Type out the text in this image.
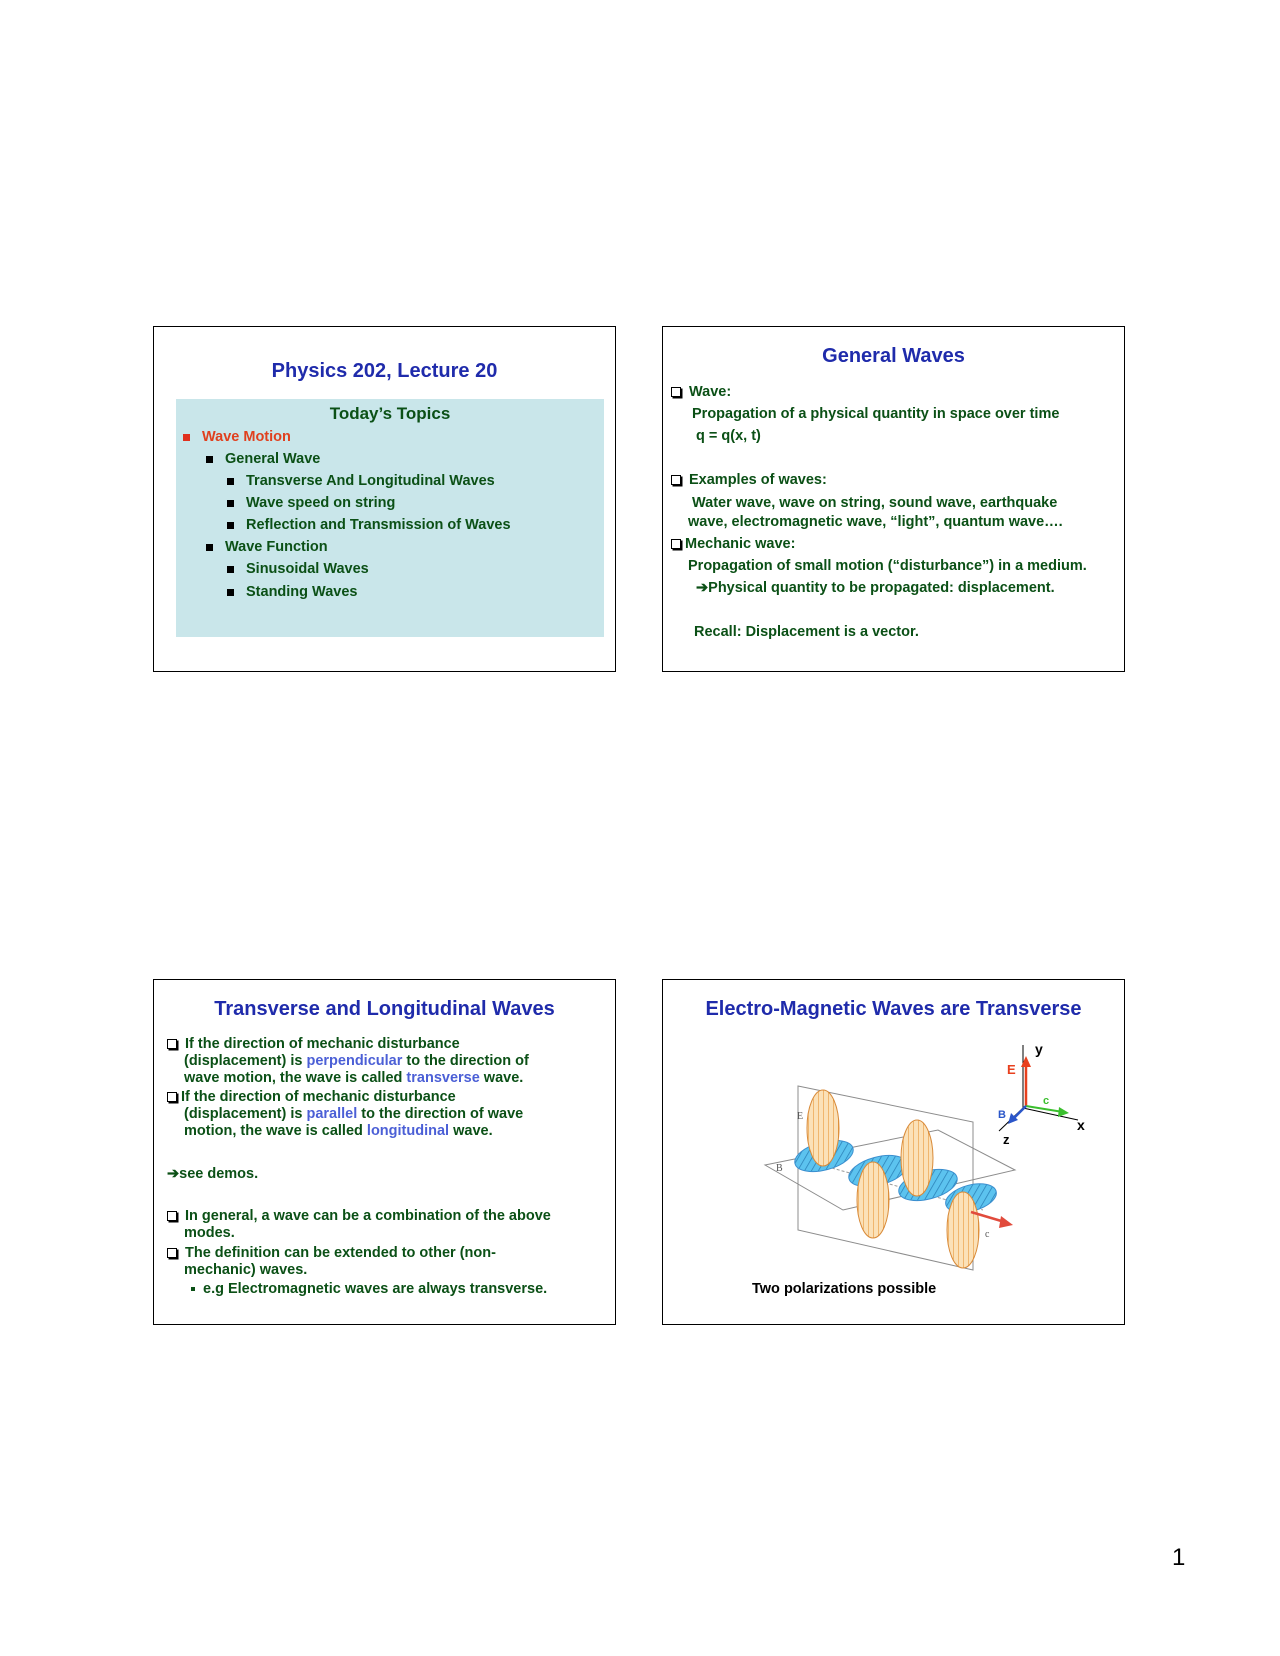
Physics 202, Lecture 20
Today’s Topics
Wave Motion
General Wave
Transverse And Longitudinal Waves
Wave speed on string
Reflection and Transmission of Waves
Wave Function
Sinusoidal Waves
Standing Waves
General Waves
Wave:
Propagation of a physical quantity in space over time
q = q(x, t)
Examples of waves:
Water wave, wave on string, sound wave, earthquake
wave, electromagnetic wave, “light”, quantum wave….
Mechanic wave:
Propagation of small motion (“disturbance”) in a medium.
➔Physical quantity to be propagated: displacement.
Recall: Displacement is a vector.
Transverse and Longitudinal Waves
If the direction of mechanic disturbance
(displacement) is perpendicular to the direction of
wave motion, the wave is called transverse wave.
If the direction of mechanic disturbance
(displacement) is parallel to the direction of wave
motion, the wave is called longitudinal wave.
➔see demos.
In general, a wave can be a combination of the above
modes.
The definition can be extended to other (non-
mechanic) waves.
e.g Electromagnetic waves are always transverse.
Electro-Magnetic Waves are Transverse
E
B
c
y
x
z
E
B
c
Two polarizations possible
1
